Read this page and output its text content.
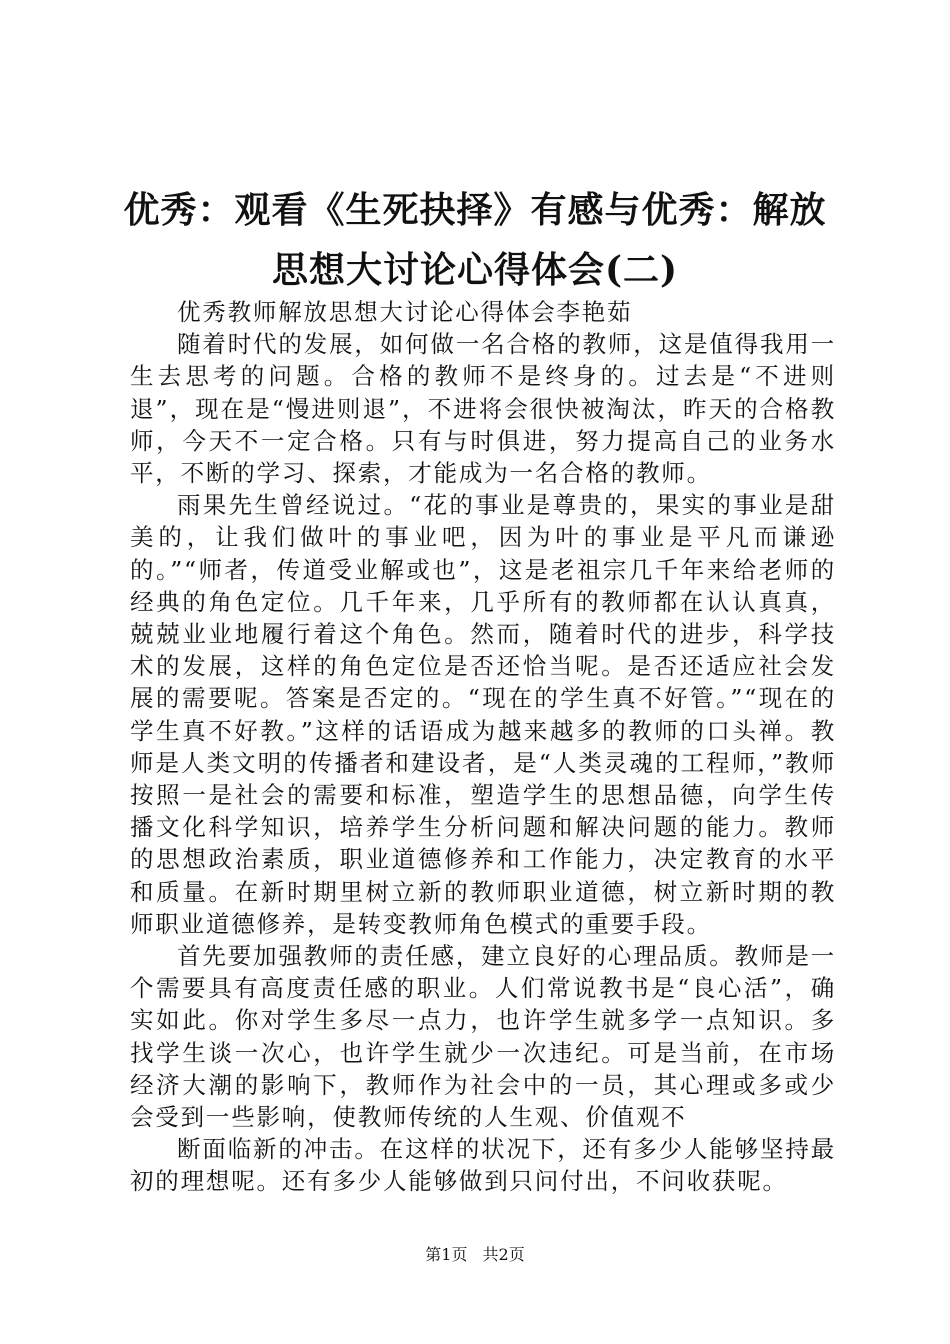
优秀：观看《生死抉择》有感与优秀：解放思想大讨论心得体会(二)

优秀教师解放思想大讨论心得体会李艳茹

随着时代的发展，如何做一名合格的教师，这是值得我用一生去思考的问题。合格的教师不是终身的。过去是“不进则退”，现在是“慢进则退”，不进将会很快被淘汰，昨天的合格教师，今天不一定合格。只有与时俱进，努力提高自己的业务水平，不断的学习、探索，才能成为一名合格的教师。

雨果先生曾经说过。“花的事业是尊贵的，果实的事业是甜美的，让我们做叶的事业吧，因为叶的事业是平凡而谦逊的。”“师者，传道受业解或也”，这是老祖宗几千年来给老师的经典的角色定位。几千年来，几乎所有的教师都在认认真真，兢兢业业地履行着这个角色。然而，随着时代的进步，科学技术的发展，这样的角色定位是否还恰当呢。是否还适应社会发展的需要呢。答案是否定的。“现在的学生真不好管。”“现在的学生真不好教。”这样的话语成为越来越多的教师的口头禅。教师是人类文明的传播者和建设者，是“人类灵魂的工程师，”教师按照一是社会的需要和标准，塑造学生的思想品德，向学生传播文化科学知识，培养学生分析问题和解决问题的能力。教师的思想政治素质，职业道德修养和工作能力，决定教育的水平和质量。在新时期里树立新的教师职业道德，树立新时期的教师职业道德修养，是转变教师角色模式的重要手段。

首先要加强教师的责任感，建立良好的心理品质。教师是一个需要具有高度责任感的职业。人们常说教书是“良心活”，确实如此。你对学生多尽一点力，也许学生就多学一点知识。多找学生谈一次心，也许学生就少一次违纪。可是当前，在市场经济大潮的影响下，教师作为社会中的一员，其心理或多或少会受到一些影响，使教师传统的人生观、价值观不

断面临新的冲击。在这样的状况下，还有多少人能够坚持最初的理想呢。还有多少人能够做到只问付出，不问收获呢。

第1页 共2页
